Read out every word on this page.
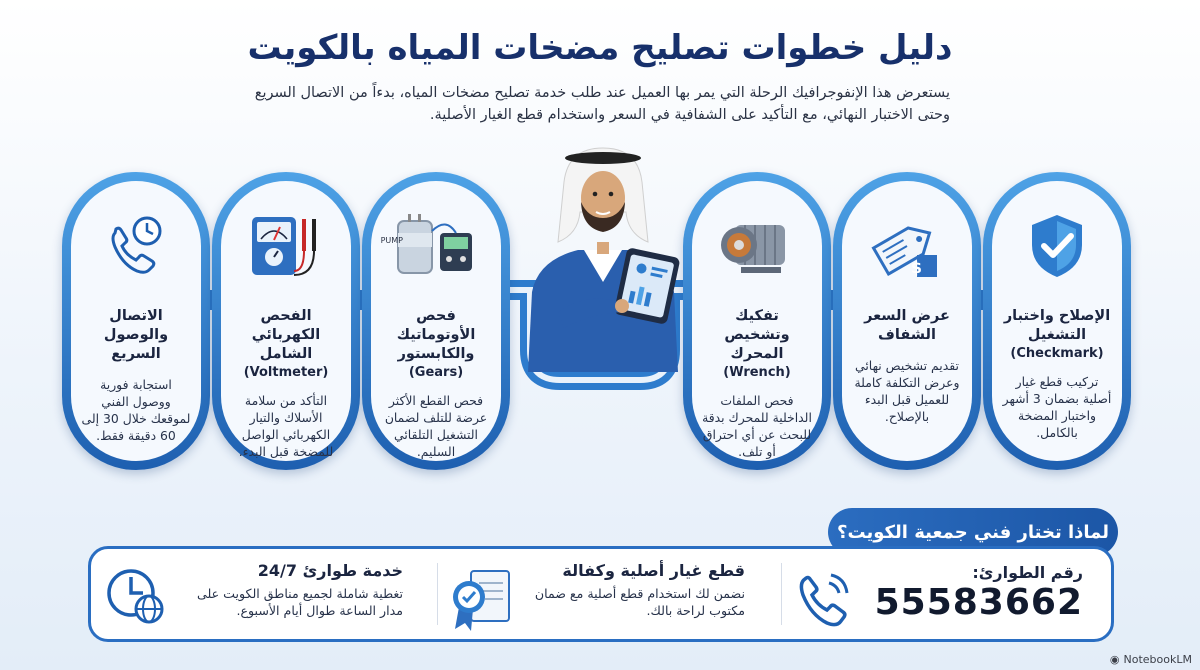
دليل خطوات تصليح مضخات المياه بالكويت
يستعرض هذا الإنفوجرافيك الرحلة التي يمر بها العميل عند طلب خدمة تصليح مضخات المياه، بدءاً من الاتصال السريع وحتى الاختبار النهائي، مع التأكيد على الشفافية في السعر واستخدام قطع الغيار الأصلية.
الاتصال والوصول السريع
استجابة فورية ووصول الفني لموقعك خلال 30 إلى 60 دقيقة فقط.
الفحص الكهربائي الشامل
(Voltmeter)
التأكد من سلامة الأسلاك والتيار الكهربائي الواصل للمضخة قبل البدء.
PUMP
فحص الأوتوماتيك والكابستور
(Gears)
فحص القطع الأكثر عرضة للتلف لضمان التشغيل التلقائي السليم.
تفكيك وتشخيص المحرك
(Wrench)
فحص الملفات الداخلية للمحرك بدقة للبحث عن أي احتراق أو تلف.
$
عرض السعر الشفاف
تقديم تشخيص نهائي وعرض التكلفة كاملة للعميل قبل البدء بالإصلاح.
الإصلاح واختبار التشغيل
(Checkmark)
تركيب قطع غيار أصلية بضمان 3 أشهر واختبار المضخة بالكامل.
لماذا تختار فني جمعية الكويت؟
رقم الطوارئ:
55583662
قطع غيار أصلية وكفالة
نضمن لك استخدام قطع أصلية مع ضمان مكتوب لراحة بالك.
خدمة طوارئ 24/7
تغطية شاملة لجميع مناطق الكويت على مدار الساعة طوال أيام الأسبوع.
◉ NotebookLM
